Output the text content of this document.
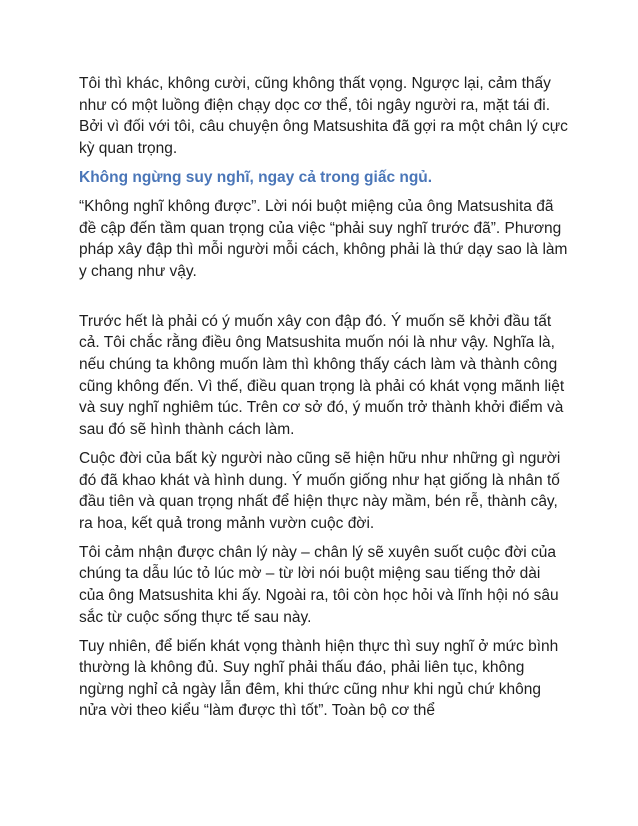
Tôi thì khác, không cười, cũng không thất vọng. Ngược lại, cảm thấy như có một luồng điện chạy dọc cơ thể, tôi ngây người ra, mặt tái đi. Bởi vì đối với tôi, câu chuyện ông Matsushita đã gợi ra một chân lý cực kỳ quan trọng.

Không ngừng suy nghĩ, ngay cả trong giấc ngủ.

“Không nghĩ không được”. Lời nói buột miệng của ông Matsushita đã đề cập đến tầm quan trọng của việc “phải suy nghĩ trước đã”. Phương pháp xây đập thì mỗi người mỗi cách, không phải là thứ dạy sao là làm y chang như vậy.

Trước hết là phải có ý muốn xây con đập đó. Ý muốn sẽ khởi đầu tất cả. Tôi chắc rằng điều ông Matsushita muốn nói là như vậy. Nghĩa là, nếu chúng ta không muốn làm thì không thấy cách làm và thành công cũng không đến. Vì thế, điều quan trọng là phải có khát vọng mãnh liệt và suy nghĩ nghiêm túc. Trên cơ sở đó, ý muốn trở thành khởi điểm và sau đó sẽ hình thành cách làm.

Cuộc đời của bất kỳ người nào cũng sẽ hiện hữu như những gì người đó đã khao khát và hình dung. Ý muốn giống như hạt giống là nhân tố đầu tiên và quan trọng nhất để hiện thực này mầm, bén rễ, thành cây, ra hoa, kết quả trong mảnh vườn cuộc đời.

Tôi cảm nhận được chân lý này – chân lý sẽ xuyên suốt cuộc đời của chúng ta dẫu lúc tỏ lúc mờ – từ lời nói buột miệng sau tiếng thở dài của ông Matsushita khi ấy. Ngoài ra, tôi còn học hỏi và lĩnh hội nó sâu sắc từ cuộc sống thực tế sau này.

Tuy nhiên, để biến khát vọng thành hiện thực thì suy nghĩ ở mức bình thường là không đủ. Suy nghĩ phải thấu đáo, phải liên tục, không ngừng nghỉ cả ngày lẫn đêm, khi thức cũng như khi ngủ chứ không nửa vời theo kiểu “làm được thì tốt”. Toàn bộ cơ thể
